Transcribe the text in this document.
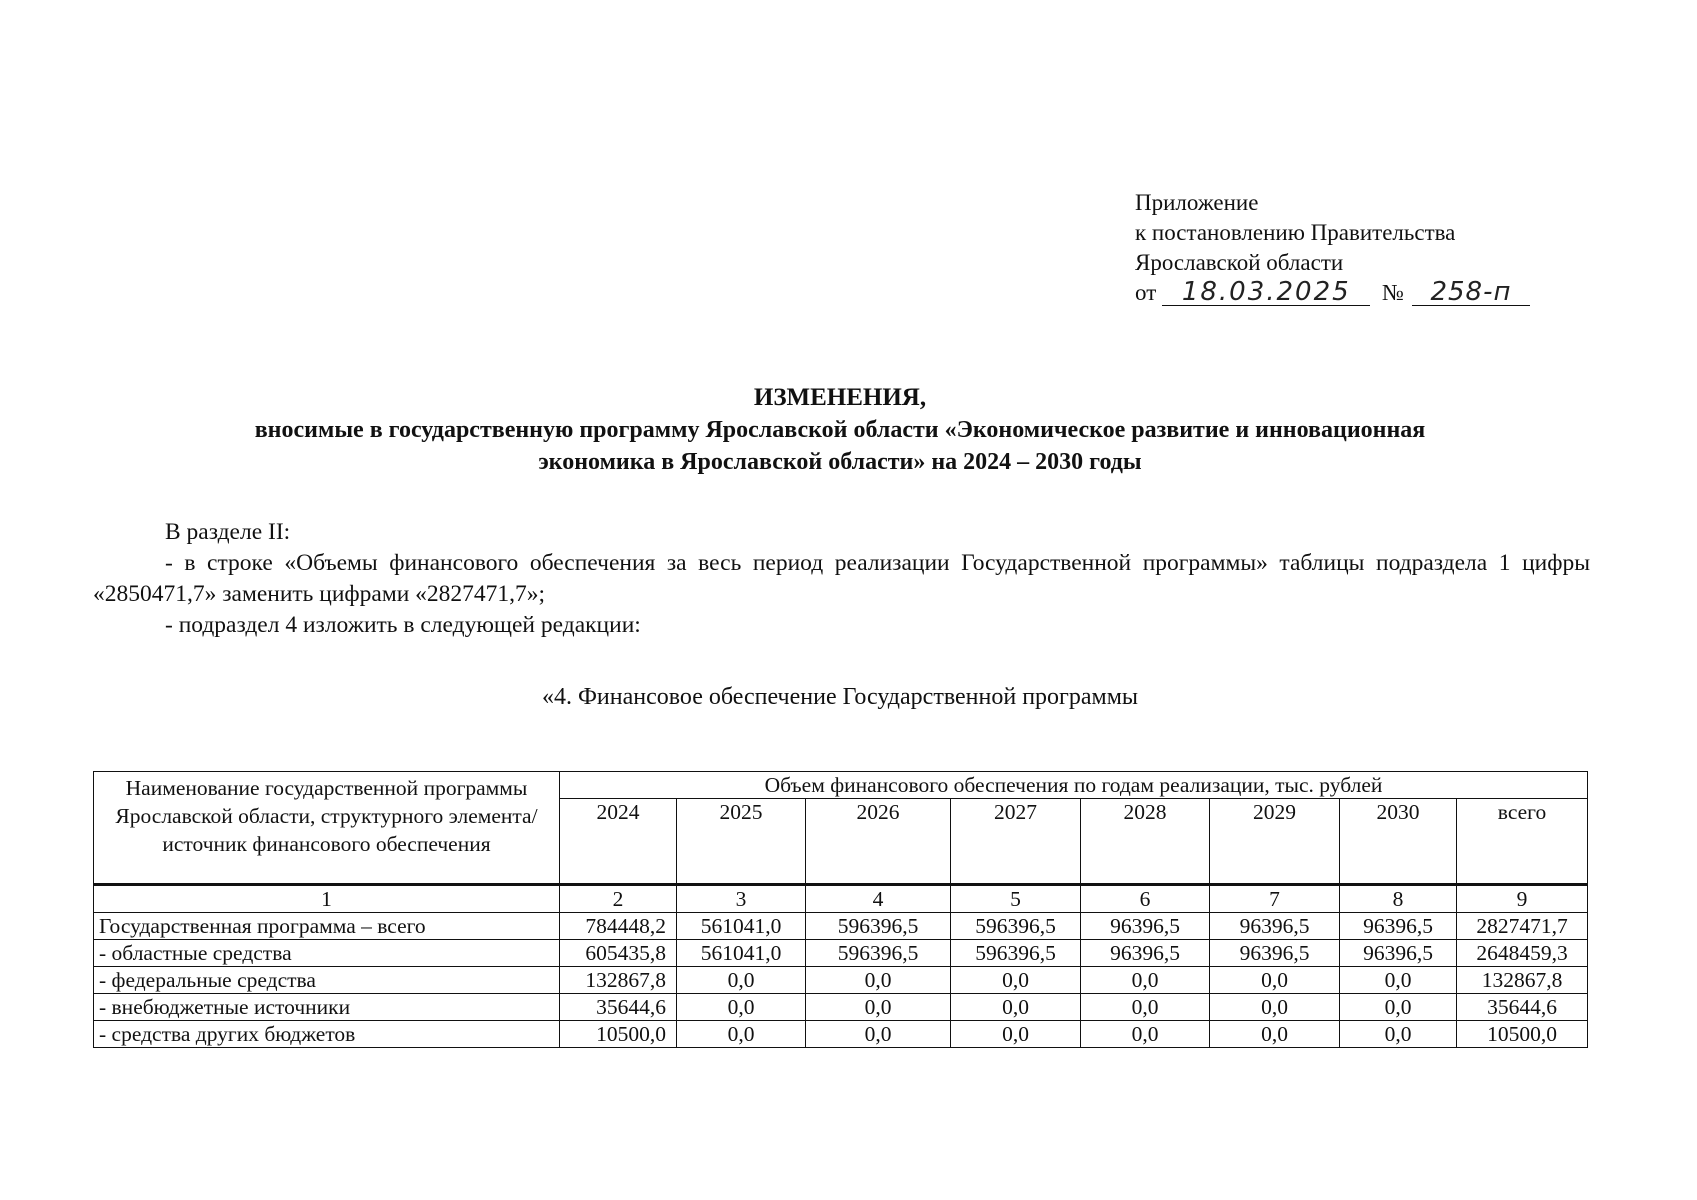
Приложение
к постановлению Правительства
Ярославской области
от 18.03.2025 № 258-п
ИЗМЕНЕНИЯ,
вносимые в государственную программу Ярославской области «Экономическое развитие и инновационная
экономика в Ярославской области» на 2024 – 2030 годы

В разделе II:

- в строке «Объемы финансового обеспечения за весь период реализации Государственной программы» таблицы подраздела 1 цифры «2850471,7» заменить цифрами «2827471,7»;

- подраздел 4 изложить в следующей редакции:

«4. Финансовое обеспечение Государственной программы
Наименование государственной программы Ярославской области, структурного элемента/ источник финансового обеспечения	Объем финансового обеспечения по годам реализации, тыс. рублей							
	2024	2025	2026	2027	2028	2029	2030	всего
1	2	3	4	5	6	7	8	9
Государственная программа – всего	784448,2	561041,0	596396,5	596396,5	96396,5	96396,5	96396,5	2827471,7
- областные средства	605435,8	561041,0	596396,5	596396,5	96396,5	96396,5	96396,5	2648459,3
- федеральные средства	132867,8	0,0	0,0	0,0	0,0	0,0	0,0	132867,8
- внебюджетные источники	35644,6	0,0	0,0	0,0	0,0	0,0	0,0	35644,6
- средства других бюджетов	10500,0	0,0	0,0	0,0	0,0	0,0	0,0	10500,0
